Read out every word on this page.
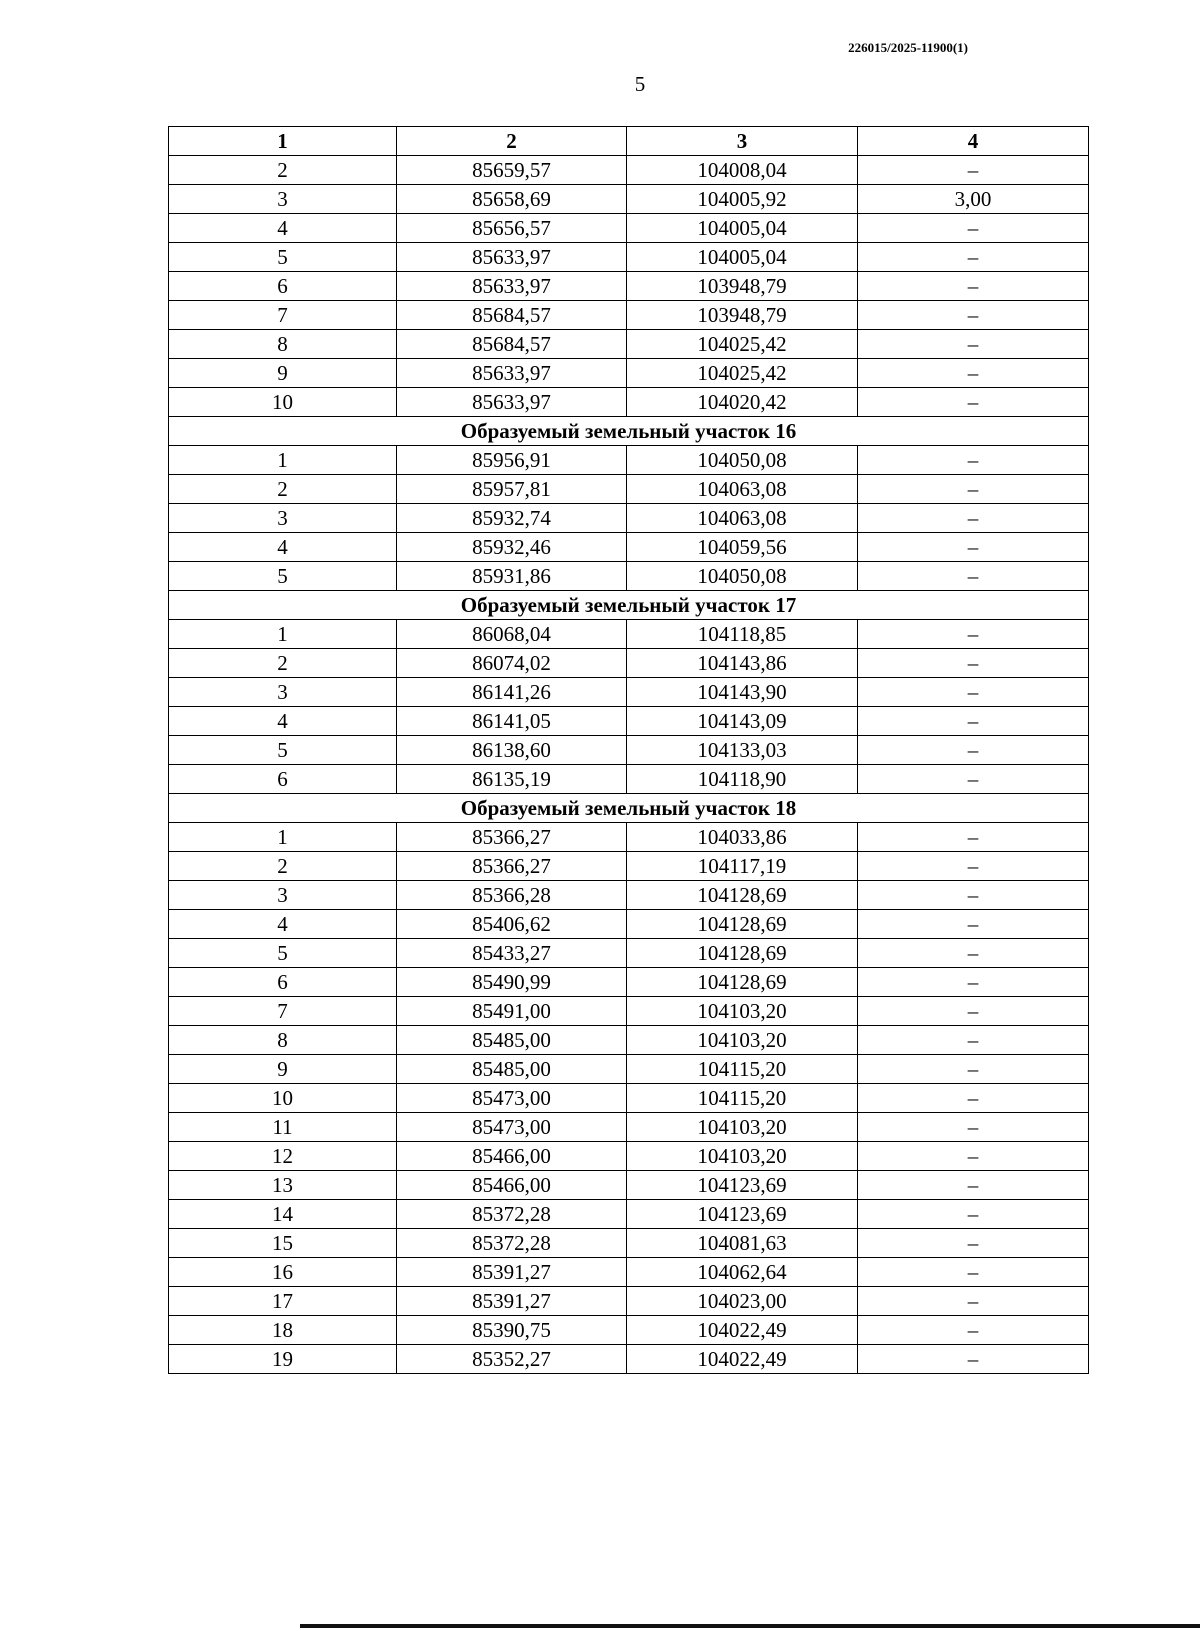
226015/2025-11900(1)
5
1	2	3	4
2	85659,57	104008,04	–
3	85658,69	104005,92	3,00
4	85656,57	104005,04	–
5	85633,97	104005,04	–
6	85633,97	103948,79	–
7	85684,57	103948,79	–
8	85684,57	104025,42	–
9	85633,97	104025,42	–
10	85633,97	104020,42	–
Образуемый земельный участок 16			
1	85956,91	104050,08	–
2	85957,81	104063,08	–
3	85932,74	104063,08	–
4	85932,46	104059,56	–
5	85931,86	104050,08	–
Образуемый земельный участок 17			
1	86068,04	104118,85	–
2	86074,02	104143,86	–
3	86141,26	104143,90	–
4	86141,05	104143,09	–
5	86138,60	104133,03	–
6	86135,19	104118,90	–
Образуемый земельный участок 18			
1	85366,27	104033,86	–
2	85366,27	104117,19	–
3	85366,28	104128,69	–
4	85406,62	104128,69	–
5	85433,27	104128,69	–
6	85490,99	104128,69	–
7	85491,00	104103,20	–
8	85485,00	104103,20	–
9	85485,00	104115,20	–
10	85473,00	104115,20	–
11	85473,00	104103,20	–
12	85466,00	104103,20	–
13	85466,00	104123,69	–
14	85372,28	104123,69	–
15	85372,28	104081,63	–
16	85391,27	104062,64	–
17	85391,27	104023,00	–
18	85390,75	104022,49	–
19	85352,27	104022,49	–
